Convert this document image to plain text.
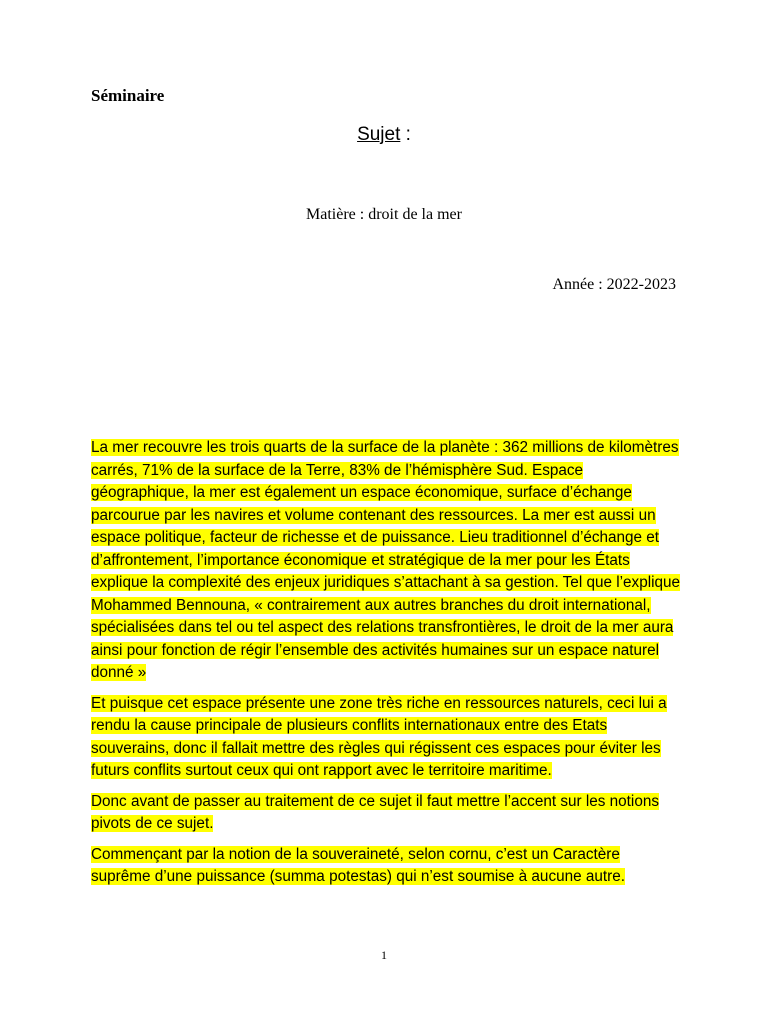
Séminaire
Sujet :
Matière : droit de la mer
Année : 2022-2023

La mer recouvre les trois quarts de la surface de la planète : 362 millions de kilomètres carrés, 71% de la surface de la Terre, 83% de l’hémisphère Sud. Espace géographique, la mer est également un espace économique, surface d’échange parcourue par les navires et volume contenant des ressources. La mer est aussi un espace politique, facteur de richesse et de puissance. Lieu traditionnel d’échange et d’affrontement, l’importance économique et stratégique de la mer pour les États explique la complexité des enjeux juridiques s’attachant à sa gestion. Tel que l’explique Mohammed Bennouna, « contrairement aux autres branches du droit international, spécialisées dans tel ou tel aspect des relations transfrontières, le droit de la mer aura ainsi pour fonction de régir l’ensemble des activités humaines sur un espace naturel donné »

Et puisque cet espace présente une zone très riche en ressources naturels, ceci lui a rendu la cause principale de plusieurs conflits internationaux entre des Etats souverains, donc il fallait mettre des règles qui régissent ces espaces pour éviter les futurs conflits surtout ceux qui ont rapport avec le territoire maritime.

Donc avant de passer au traitement de ce sujet il faut mettre l’accent sur les notions pivots de ce sujet.

Commençant par la notion de la souveraineté, selon cornu, c’est un Caractère suprême d’une puissance (summa potestas) qui n’est soumise à aucune autre.

1
